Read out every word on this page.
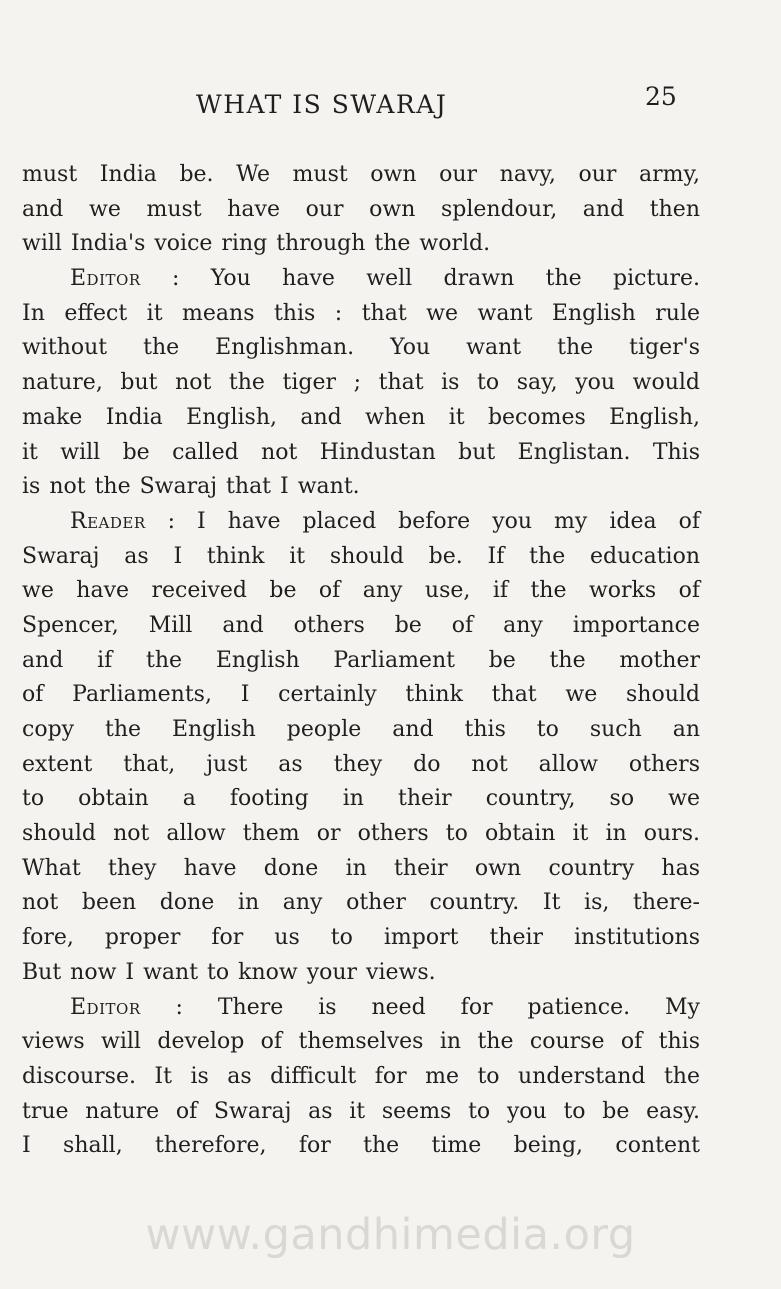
WHAT IS SWARAJ	25
must India be. We must own our navy, our army,
and we must have our own splendour, and then
will India's voice ring through the world.
Editor : You have well drawn the picture.
In effect it means this : that we want English rule
without the Englishman. You want the tiger's
nature, but not the tiger ; that is to say, you would
make India English, and when it becomes English,
it will be called not Hindustan but Englistan. This
is not the Swaraj that I want.
Reader : I have placed before you my idea of
Swaraj as I think it should be. If the education
we have received be of any use, if the works of
Spencer, Mill and others be of any importance
and if the English Parliament be the mother
of Parliaments, I certainly think that we should
copy the English people and this to such an
extent that, just as they do not allow others
to obtain a footing in their country, so we
should not allow them or others to obtain it in ours.
What they have done in their own country has
not been done in any other country. It is, there-
fore, proper for us to import their institutions
But now I want to know your views.
Editor : There is need for patience. My
views will develop of themselves in the course of this
discourse. It is as difficult for me to understand the
true nature of Swaraj as it seems to you to be easy.
I shall, therefore, for the time being, content
www.gandhimedia.org
